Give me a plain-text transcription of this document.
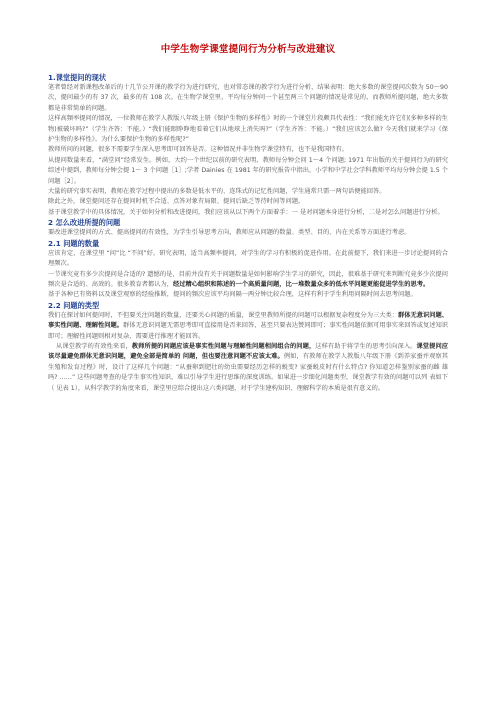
中学生物学课堂提问行为分析与改进建议
1.课堂提问的现状

笔者曾经对新课程改革后的十几节公开课的教学行为进行研究，也对常态课的教学行为进行分析，结果表明：绝大多数的课堂提问次数为 50～90 次，提问最少的有 37 次，最多的有 108 次。在生物学课堂里，平均每分钟问一个甚至两三个问题的情况是常见的，而教师所提问题，绝大多数都是非常简单的问题。

这样高频率提问的情况，一位教师在教学人教版八年级上册《保护生物的多样性》时的一个课堂片段颇具代表性：“我们能允许它们(多种多样的生物)被破坏吗?”（学生齐答：不能。）“我们能眼睁睁地看着它们从地球上消失吗?”（学生齐答：不能。）“我们应该怎么做? 今天我们就来学习《保护生物的多样性》。为什么要保护生物的多样性呢?”

教师所问的问题，很多不需要学生深入思考即可回答是否。这种情况并非生物学课堂特有，也不是我国特有。

从提问数量来看，“满堂问”经常发生。例如，大约一个世纪以前的研究表明，教师每分钟会问 1～4 个问题; 1971 年出版的关于提问行为的研究综述中提到，教师每分钟会提 1～ 3 个问题［1］;学者 Dainies 在 1981 年的研究报告中指出，小学和中学社会学科教师平均每分钟会提 1.5 个问题［2］。

大量的研究事实表明，教师在教学过程中提出的多数是低水平的、连珠式的记忆性问题，学生通常只需一两句话便能回答。

除此之外，课堂提问还存在提问时机不合适、点答对象有局限、提问后缺乏等待时间等问题。

基于课堂教学中的具体情况，关于如何分析和改进提问，我们应该从以下两个方面着手：一 是对问题本身进行分析，二是对怎么问题进行分析。

2 怎么改进所提的问题

要改进课堂提问的方式、提高提问的有效性，为学生引导思考方向，教师应从问题的数量、类型、目的、内在关系等方面进行考虑。

2.1 问题的数量

应该肯定，在课堂里 “问”比 “不问”好。研究表明，适当高频率提问，对学生的学习有积极的促进作用。在此前提下，我们来进一步讨论提问的合理频次。

一节课究竟有多少次提问是合适的? 遗憾的是，目前并没有关于问题数量是如何影响学生学习的研究，因此，很难基于研究来判断究竟多少次提问频次是合适的、高效的。很多教育者都认为，经过精心组织和陈述的一个高质量问题，比一堆数量众多的低水平问题更能促进学生的思考。

基于各种已有资料以及课堂观察的经验推断，提问的频次应该平均间隔一两分钟比较合理，这样有利于学生利用问隔时间去思考问题。

2.2 问题的类型

我们在探讨如何提问时，不但要关注问题的数量，还要关心问题的质量，课堂里教师所提的问题可以根据复杂程度分为三大类：群体无意识问题、事实性问题、理解性问题。群体无意识问题无需思考即可直接用是否来回答，甚至只要表达赞同即可；事实性问题依据可用事实来回答或复述知识即可；理解性问题则相对复杂，需要进行推理才能回答。

从课堂教学的有效性来看，教师所提的问题应该是事实性问题与理解性问题相间组合的问题，这样有助于将学生的思考引向深入。课堂提问应该尽量避免群体无意识问题，避免全部是简单的 问题，但也要注意问题不应该太难。例如，有教师在教学人教版八年级下册《到养家蚕并观察其生殖和发育过程》时，设计了这样几个问题：“从蚕卵到肥壮的幼虫需要经历怎样的蜕变? 家蚕蜕皮时有什么特点? 你知道怎样鉴别家蚕的雌 雄吗? ……” 这些问题考查的是学生事实性知识，难以引导学生进行思维的深度训练。如果进一步细化问题类型，课堂教学有效的问题可以列 表如下（ 见表 1），从科学教学的角度来看，课堂里应综合提出这六类问题，对于学生建构知识、理解科学的本质是很有意义的。
